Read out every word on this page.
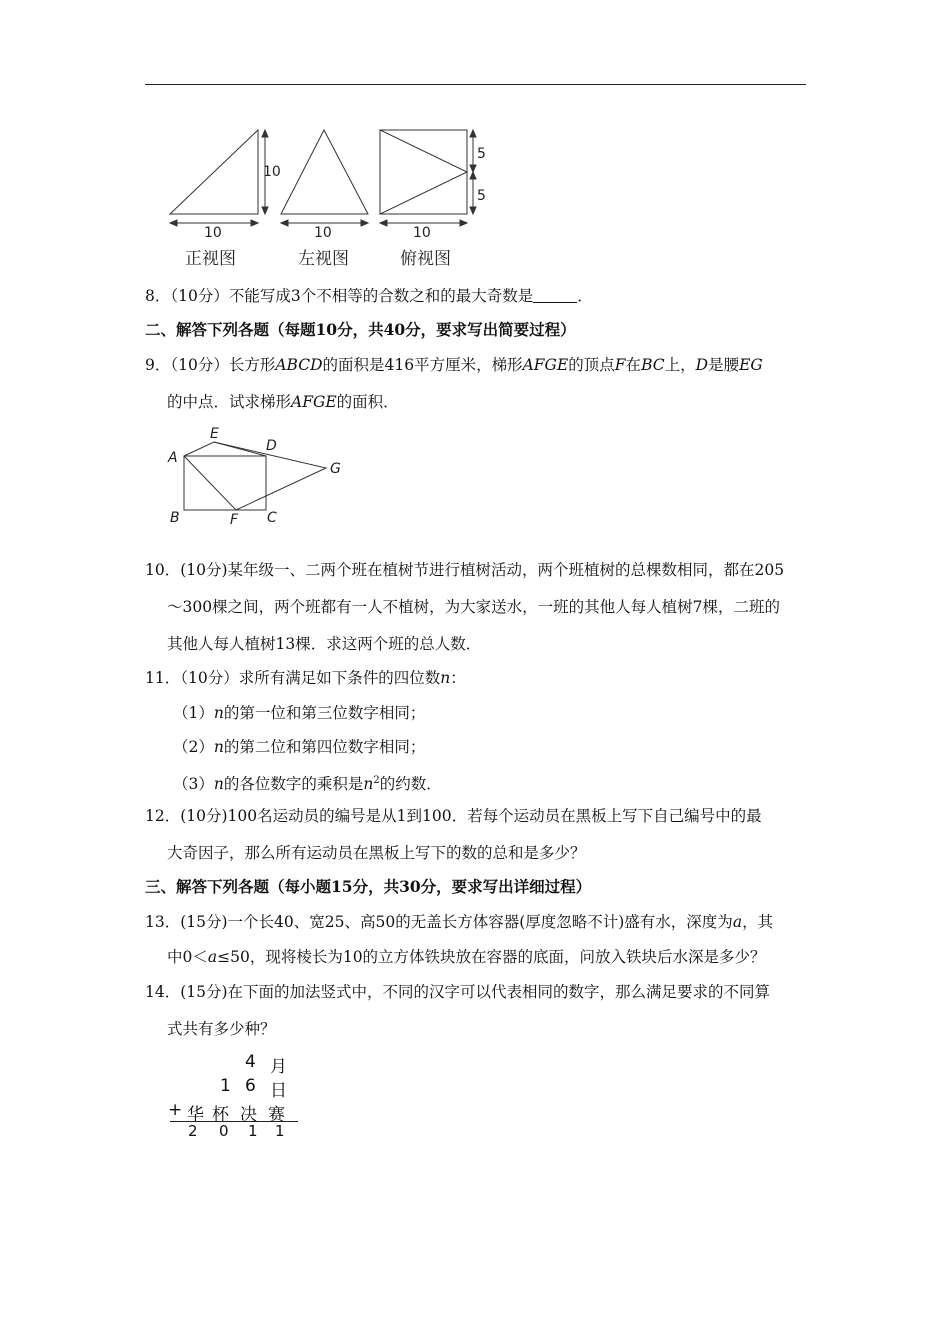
10
10
正视图
10
左视图
5
5
10
俯视图
8．（10分）不能写成3个不相等的合数之和的最大奇数是	．
二、解答下列各题（每题10分，共40分，要求写出简要过程）
9．（10分）长方形ABCD的面积是416平方厘米，梯形AFGE的顶点F在BC上，D是腰EG
的中点．试求梯形AFGE的面积．
A
E
D
G
B	F C
10．(10分)某年级一、二两个班在植树节进行植树活动，两个班植树的总棵数相同，都在205
～300棵之间，两个班都有一人不植树，为大家送水，一班的其他人每人植树7棵，二班的
其他人每人植树13棵．求这两个班的总人数．
11．（10分）求所有满足如下条件的四位数n：
（1）n的第一位和第三位数字相同；
（2）n的第二位和第四位数字相同；
（3）n的各位数字的乘积是$n^2$的约数．
12．(10分)100名运动员的编号是从1到100．若每个运动员在黑板上写下自己编号中的最
大奇因子，那么所有运动员在黑板上写下的数的总和是多少？
三、解答下列各题（每小题15分，共30分，要求写出详细过程）
13．(15分)一个长40、宽25、高50的无盖长方体容器(厚度忽略不计)盛有水，深度为a，其
中0＜a≤50，现将棱长为10的立方体铁块放在容器的底面，问放入铁块后水深是多少？
14．(15分)在下面的加法竖式中，不同的汉字可以代表相同的数字，那么满足要求的不同算
式共有多少种？
4 月
1 6 日
+ 华 杯 决 赛
2 0 1 1
